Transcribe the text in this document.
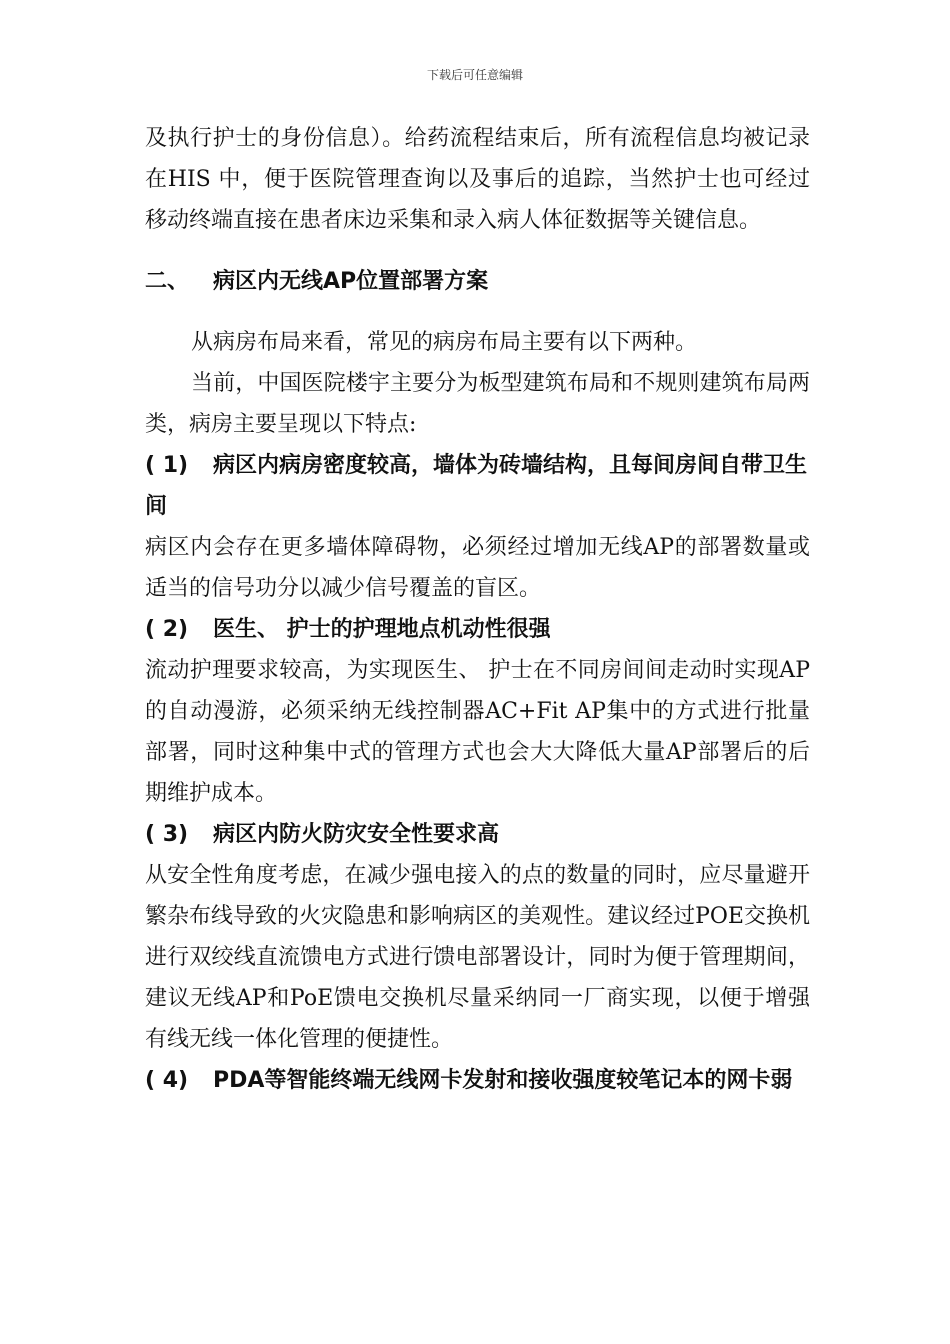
下载后可任意编辑

及执行护士的身份信息）。给药流程结束后，所有流程信息均被记录在HIS 中，便于医院管理查询以及事后的追踪，当然护士也可经过移动终端直接在患者床边采集和录入病人体征数据等关键信息。

二、 病区内无线AP位置部署方案

从病房布局来看，常见的病房布局主要有以下两种。

当前，中国医院楼宇主要分为板型建筑布局和不规则建筑布局两类，病房主要呈现以下特点:

( 1) 病区内病房密度较高，墙体为砖墙结构，且每间房间自带卫生间

病区内会存在更多墙体障碍物，必须经过增加无线AP的部署数量或适当的信号功分以减少信号覆盖的盲区。

( 2) 医生、 护士的护理地点机动性很强

流动护理要求较高，为实现医生、 护士在不同房间间走动时实现AP的自动漫游，必须采纳无线控制器AC+Fit AP集中的方式进行批量部署，同时这种集中式的管理方式也会大大降低大量AP部署后的后期维护成本。

( 3) 病区内防火防灾安全性要求高

从安全性角度考虑，在减少强电接入的点的数量的同时，应尽量避开繁杂布线导致的火灾隐患和影响病区的美观性。建议经过POE交换机进行双绞线直流馈电方式进行馈电部署设计，同时为便于管理期间，建议无线AP和PoE馈电交换机尽量采纳同一厂商实现，以便于增强有线无线一体化管理的便捷性。

( 4) PDA等智能终端无线网卡发射和接收强度较笔记本的网卡弱
